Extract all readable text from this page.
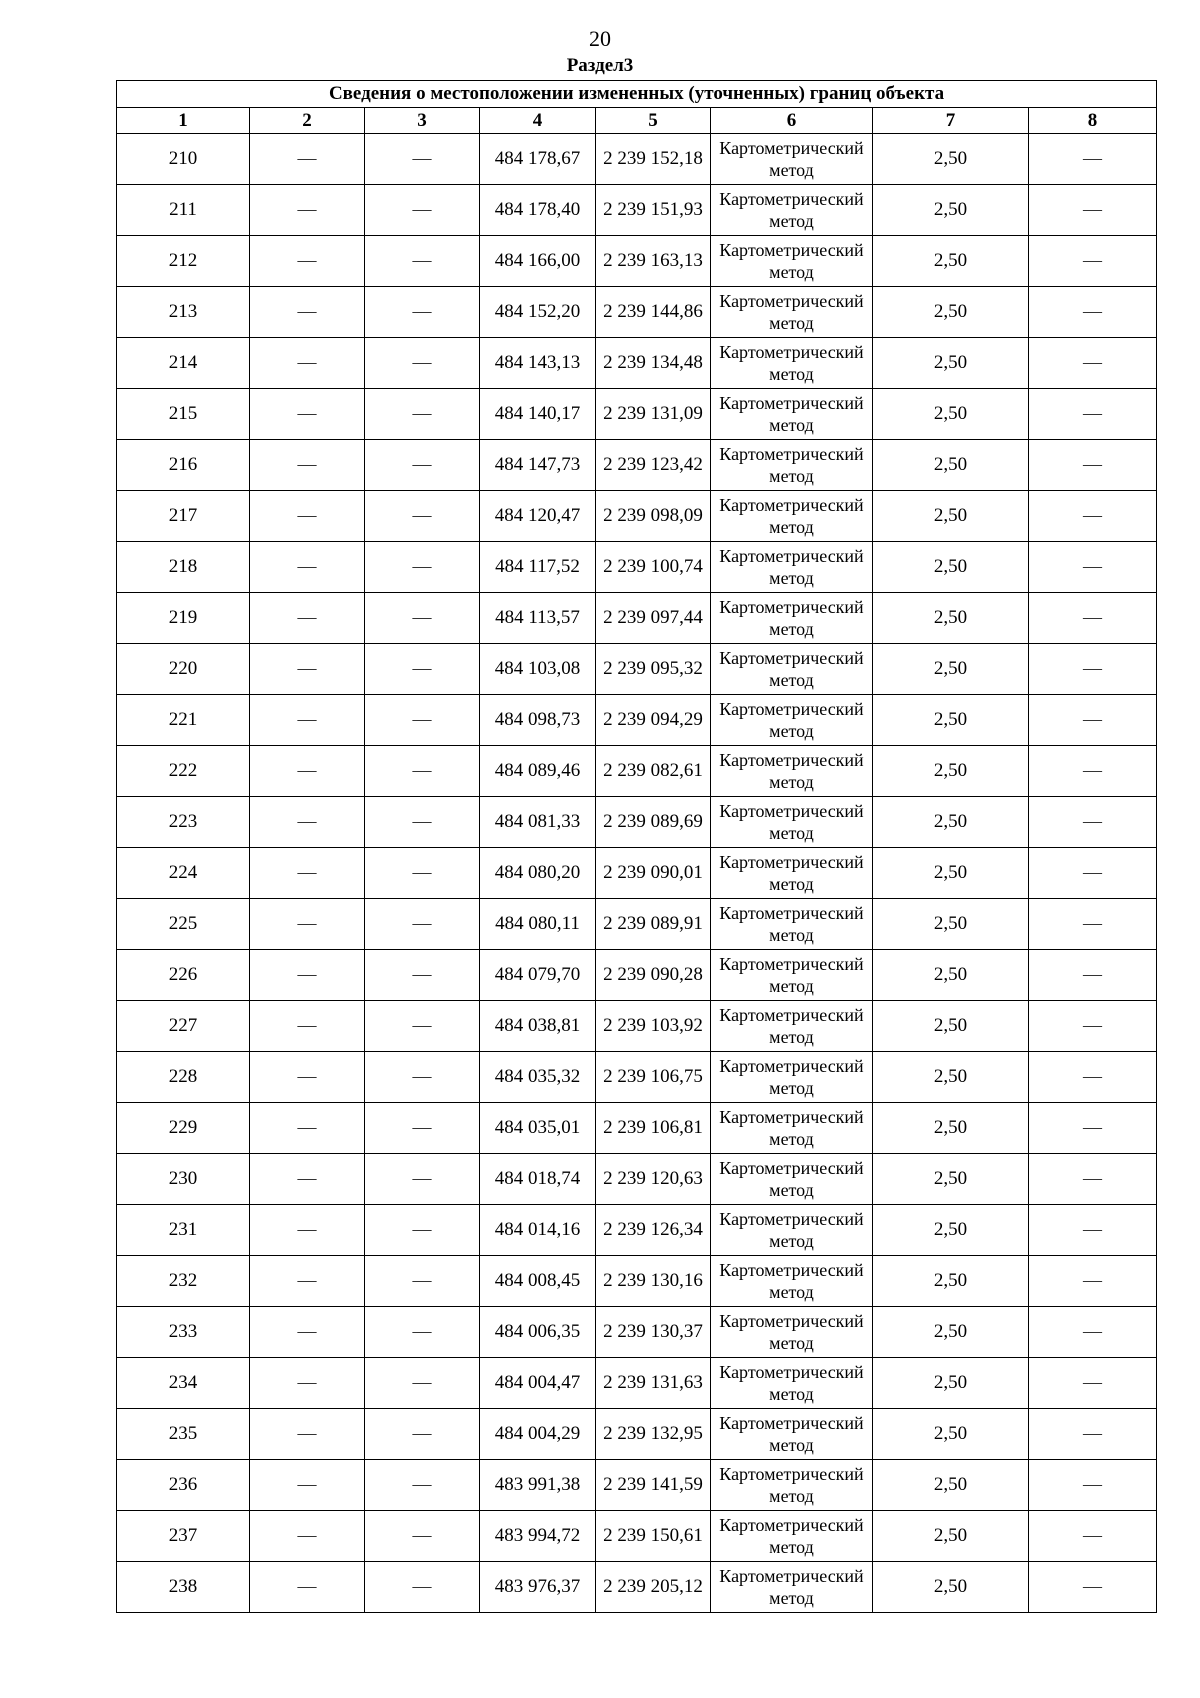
20
Раздел3
Сведения о местоположении измененных (уточненных) границ объекта							
1	2	3	4	5	6	7	8
210	—	—	484 178,67	2 239 152,18	Картометрический метод	2,50	—
211	—	—	484 178,40	2 239 151,93	Картометрический метод	2,50	—
212	—	—	484 166,00	2 239 163,13	Картометрический метод	2,50	—
213	—	—	484 152,20	2 239 144,86	Картометрический метод	2,50	—
214	—	—	484 143,13	2 239 134,48	Картометрический метод	2,50	—
215	—	—	484 140,17	2 239 131,09	Картометрический метод	2,50	—
216	—	—	484 147,73	2 239 123,42	Картометрический метод	2,50	—
217	—	—	484 120,47	2 239 098,09	Картометрический метод	2,50	—
218	—	—	484 117,52	2 239 100,74	Картометрический метод	2,50	—
219	—	—	484 113,57	2 239 097,44	Картометрический метод	2,50	—
220	—	—	484 103,08	2 239 095,32	Картометрический метод	2,50	—
221	—	—	484 098,73	2 239 094,29	Картометрический метод	2,50	—
222	—	—	484 089,46	2 239 082,61	Картометрический метод	2,50	—
223	—	—	484 081,33	2 239 089,69	Картометрический метод	2,50	—
224	—	—	484 080,20	2 239 090,01	Картометрический метод	2,50	—
225	—	—	484 080,11	2 239 089,91	Картометрический метод	2,50	—
226	—	—	484 079,70	2 239 090,28	Картометрический метод	2,50	—
227	—	—	484 038,81	2 239 103,92	Картометрический метод	2,50	—
228	—	—	484 035,32	2 239 106,75	Картометрический метод	2,50	—
229	—	—	484 035,01	2 239 106,81	Картометрический метод	2,50	—
230	—	—	484 018,74	2 239 120,63	Картометрический метод	2,50	—
231	—	—	484 014,16	2 239 126,34	Картометрический метод	2,50	—
232	—	—	484 008,45	2 239 130,16	Картометрический метод	2,50	—
233	—	—	484 006,35	2 239 130,37	Картометрический метод	2,50	—
234	—	—	484 004,47	2 239 131,63	Картометрический метод	2,50	—
235	—	—	484 004,29	2 239 132,95	Картометрический метод	2,50	—
236	—	—	483 991,38	2 239 141,59	Картометрический метод	2,50	—
237	—	—	483 994,72	2 239 150,61	Картометрический метод	2,50	—
238	—	—	483 976,37	2 239 205,12	Картометрический метод	2,50	—
